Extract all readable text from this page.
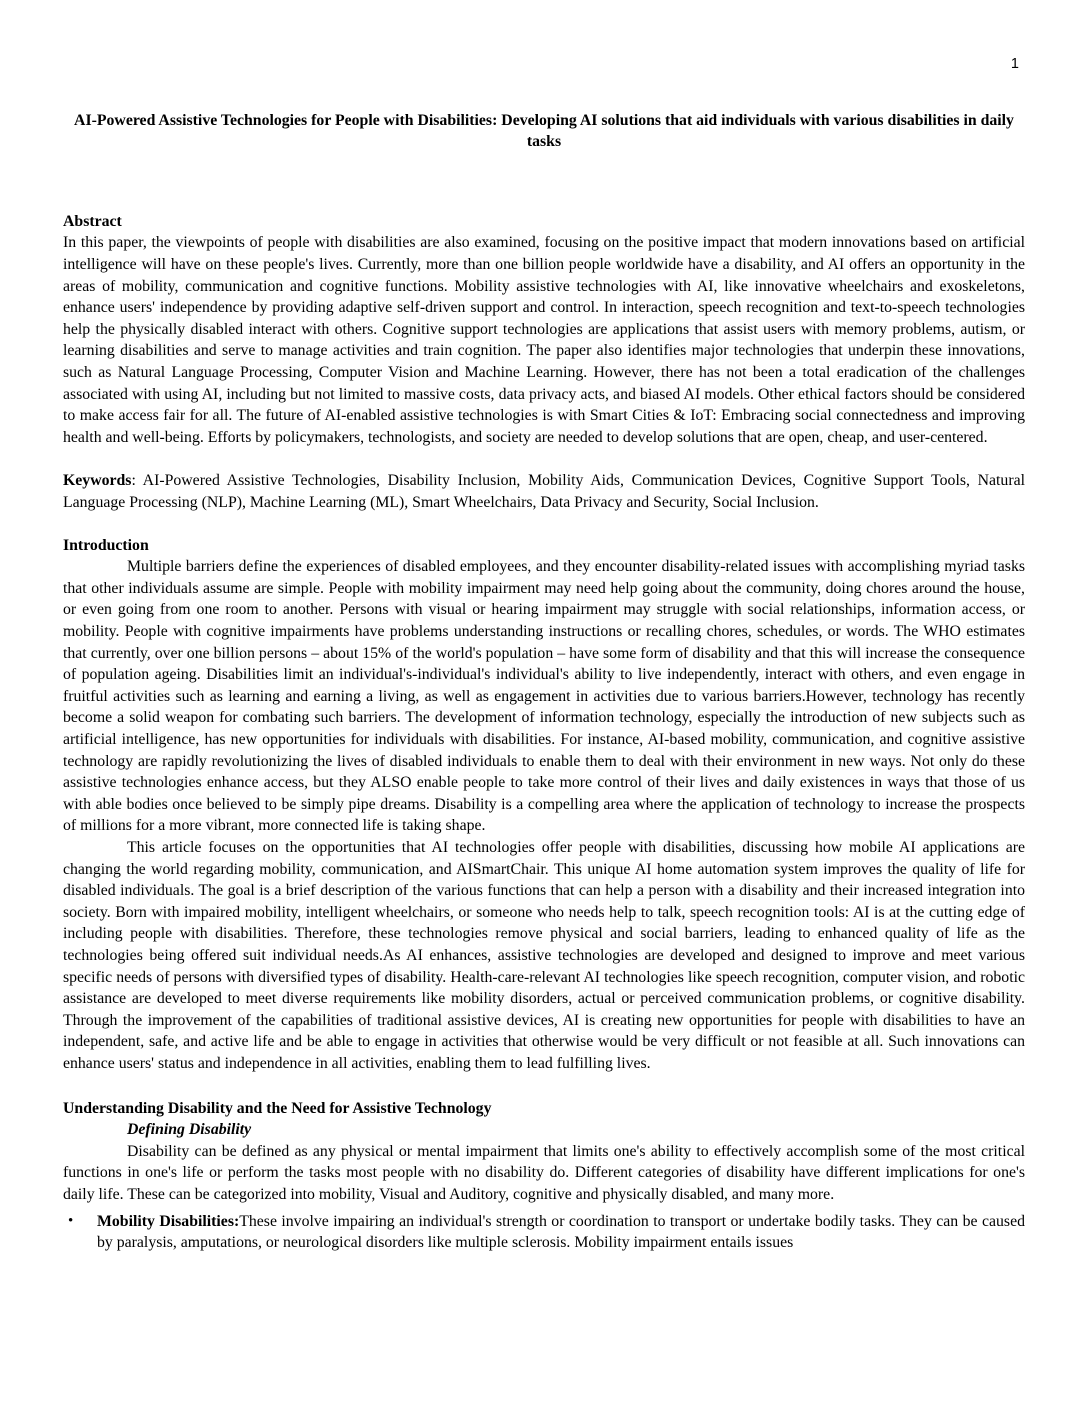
1
AI-Powered Assistive Technologies for People with Disabilities: Developing AI solutions that aid individuals with various disabilities in daily tasks

Abstract

In this paper, the viewpoints of people with disabilities are also examined, focusing on the positive impact that modern innovations based on artificial intelligence will have on these people's lives. Currently, more than one billion people worldwide have a disability, and AI offers an opportunity in the areas of mobility, communication and cognitive functions. Mobility assistive technologies with AI, like innovative wheelchairs and exoskeletons, enhance users' independence by providing adaptive self-driven support and control. In interaction, speech recognition and text-to-speech technologies help the physically disabled interact with others. Cognitive support technologies are applications that assist users with memory problems, autism, or learning disabilities and serve to manage activities and train cognition. The paper also identifies major technologies that underpin these innovations, such as Natural Language Processing, Computer Vision and Machine Learning. However, there has not been a total eradication of the challenges associated with using AI, including but not limited to massive costs, data privacy acts, and biased AI models. Other ethical factors should be considered to make access fair for all. The future of AI-enabled assistive technologies is with Smart Cities & IoT: Embracing social connectedness and improving health and well-being. Efforts by policymakers, technologists, and society are needed to develop solutions that are open, cheap, and user-centered.

Keywords: AI-Powered Assistive Technologies, Disability Inclusion, Mobility Aids, Communication Devices, Cognitive Support Tools, Natural Language Processing (NLP), Machine Learning (ML), Smart Wheelchairs, Data Privacy and Security, Social Inclusion.

Introduction

Multiple barriers define the experiences of disabled employees, and they encounter disability-related issues with accomplishing myriad tasks that other individuals assume are simple. People with mobility impairment may need help going about the community, doing chores around the house, or even going from one room to another. Persons with visual or hearing impairment may struggle with social relationships, information access, or mobility. People with cognitive impairments have problems understanding instructions or recalling chores, schedules, or words. The WHO estimates that currently, over one billion persons – about 15% of the world's population – have some form of disability and that this will increase the consequence of population ageing. Disabilities limit an individual's-individual's individual's ability to live independently, interact with others, and even engage in fruitful activities such as learning and earning a living, as well as engagement in activities due to various barriers.However, technology has recently become a solid weapon for combating such barriers. The development of information technology, especially the introduction of new subjects such as artificial intelligence, has new opportunities for individuals with disabilities. For instance, AI-based mobility, communication, and cognitive assistive technology are rapidly revolutionizing the lives of disabled individuals to enable them to deal with their environment in new ways. Not only do these assistive technologies enhance access, but they ALSO enable people to take more control of their lives and daily existences in ways that those of us with able bodies once believed to be simply pipe dreams. Disability is a compelling area where the application of technology to increase the prospects of millions for a more vibrant, more connected life is taking shape.

This article focuses on the opportunities that AI technologies offer people with disabilities, discussing how mobile AI applications are changing the world regarding mobility, communication, and AISmartChair. This unique AI home automation system improves the quality of life for disabled individuals. The goal is a brief description of the various functions that can help a person with a disability and their increased integration into society. Born with impaired mobility, intelligent wheelchairs, or someone who needs help to talk, speech recognition tools: AI is at the cutting edge of including people with disabilities. Therefore, these technologies remove physical and social barriers, leading to enhanced quality of life as the technologies being offered suit individual needs.As AI enhances, assistive technologies are developed and designed to improve and meet various specific needs of persons with diversified types of disability. Health-care-relevant AI technologies like speech recognition, computer vision, and robotic assistance are developed to meet diverse requirements like mobility disorders, actual or perceived communication problems, or cognitive disability. Through the improvement of the capabilities of traditional assistive devices, AI is creating new opportunities for people with disabilities to have an independent, safe, and active life and be able to engage in activities that otherwise would be very difficult or not feasible at all. Such innovations can enhance users' status and independence in all activities, enabling them to lead fulfilling lives.

Understanding Disability and the Need for Assistive Technology

Defining Disability

Disability can be defined as any physical or mental impairment that limits one's ability to effectively accomplish some of the most critical functions in one's life or perform the tasks most people with no disability do. Different categories of disability have different implications for one's daily life. These can be categorized into mobility, Visual and Auditory, cognitive and physically disabled, and many more.

•	Mobility Disabilities:These involve impairing an individual's strength or coordination to transport or undertake bodily tasks. They can be caused by paralysis, amputations, or neurological disorders like multiple sclerosis. Mobility impairment entails issues
